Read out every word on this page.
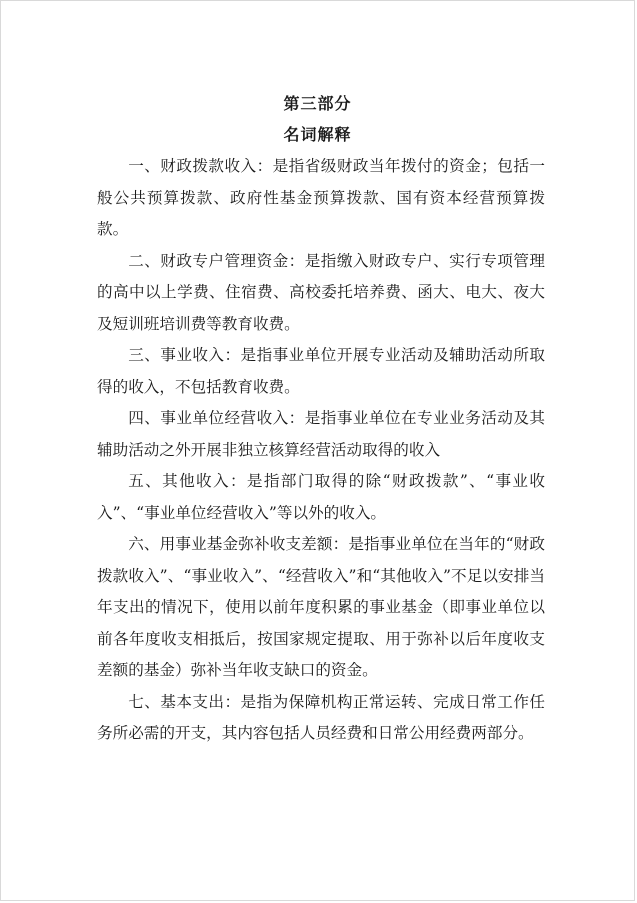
第三部分
名词解释

一、财政拨款收入：是指省级财政当年拨付的资金；包括一般公共预算拨款、政府性基金预算拨款、国有资本经营预算拨款。

二、财政专户管理资金：是指缴入财政专户、实行专项管理的高中以上学费、住宿费、高校委托培养费、函大、电大、夜大及短训班培训费等教育收费。

三、事业收入：是指事业单位开展专业活动及辅助活动所取得的收入，不包括教育收费。

四、事业单位经营收入：是指事业单位在专业业务活动及其辅助活动之外开展非独立核算经营活动取得的收入

五、其他收入：是指部门取得的除“财政拨款”、“事业收入”、“事业单位经营收入”等以外的收入。

六、用事业基金弥补收支差额：是指事业单位在当年的“财政拨款收入”、“事业收入”、“经营收入”和“其他收入”不足以安排当年支出的情况下，使用以前年度积累的事业基金（即事业单位以前各年度收支相抵后，按国家规定提取、用于弥补以后年度收支差额的基金）弥补当年收支缺口的资金。

七、基本支出：是指为保障机构正常运转、完成日常工作任务所必需的开支，其内容包括人员经费和日常公用经费两部分。
